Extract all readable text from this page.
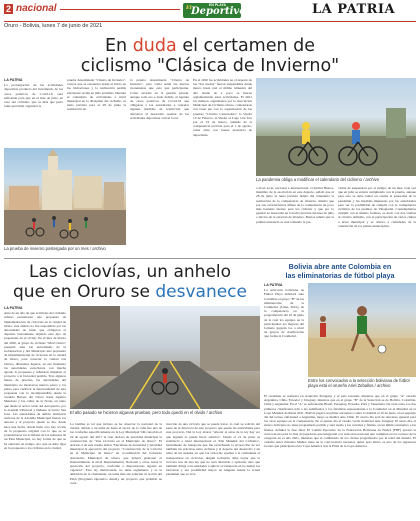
2 nacional	EN PLAYA
El Deportivo	LA PATRIA
Oruro - Bolivia, lunes 7 de junio de 2021
En duda el certamen de
ciclismo "Clásica de Invierno"
LA PATRIA

La prolongación de las actividades deportivas producto del incremento de los casos positivos de Covid-19, será suficiente para que en el mes de julio, en caso del ciclismo, que es más que justo tome previsión organizar la

prueba denominada "Clásica de Invierno", carrera que se encuentra desde el inicio en las invitaciones y la realización pedida efectuarse recién en julio próximo. Durante el calendario de actividades a nivel municipal en la disciplina del ciclismo, se tenía prevista para el 28 de junio la realización de

la prueba denominada "Clásica de Invierno", pero como serán las nuevas cuarentenas que esta que participarán. Como sucedió en la gestión pasada, aunque todo era a dado debido al repunte de casos positivos de Covid-19 que obligaron a las autoridades a cancelar algunas medidas de restricción que afectaron al desarrollo normal de las actividades deportivas a nivel local.

En el 2020 las actividades en el deporte de las "dos ruedas" fueron suspendidas desde marzo hasta casi el último trimestre del año donde de a poco se fueron reglamentando estas actividades. El 2021 los tiempos organizados por la Asociación Municipal de Ciclismo Oruro, comenzaron con buen pie con la organización de las pruebas "Circuito Carnavalero" la Vuelta 10 de Febrero, la Vuelta al Lago Uru Uru por el 23 de marzo, además de la competencia prevista para el 1 de agosto, todas ellas con buena presencia de deportistas

La prueba de invierno postergada por un mes / archivo
La pandemia obliga a modificar el calendario del ciclismo / archivo

a nivel local, nacional e internacional. Cristóbal Bustos, miembro de la asociación en este deporte, señaló que el 28 de junio se tenía previsto dentro del calendario la realización de la competencia de invierno, misma que por sus características difiere de la competencia un poco más bastante fuertes para los ciclistas y que por lo general se desarrolla en la fecha prevista del mes de julio o inicios de la estación de invierno. Bustos señaló que la primera instancia se está tomando la pre-

visión de suspensión por el tiempo de un mes, toda vez que en julio se estaría cumpliendo con la prueba, aunque para esto se debe tomar en cuenta el panorama de la pandemia y las medidas impuestas por las autoridades para ver la posibilidad de cumplir con la competencia ciclística de los premios de Vinagradel. Contemplamos cumplir con el mismo formato, es decir con dos vueltas al circuito definido, con la participación de varios clubes a nivel municipal y se obtuvo a cantidades de la orientación de los planes municipales.

Las ciclovías, un anhelo
que en Oruro se desvanece
LA PATRIA

Ante de un año de que activistas del ciclismo urbano presentaran una propuesta de implementación de ciclovías en la ciudad de Oruro, este anhelo no fue respondido por las autoridades de turno que obligaron el depósito nuevamente dejando este tipo de propuestas en el olvido. En el mes de marzo del 2020, el grupo de ciclistas "Movi Oruro" presentó ante las autoridades de la Gobernación y del Municipio una propuesta de implementación de ciclovías en la ciudad de Oruro, para conectar la ciudad con barrios, diferentes lugares, en ese momento las autoridades escucharon con mucha agrado la propuesta y señalaron impulsar el proyecto a la brevedad posible. Tras algunos meses de pruebas, las autoridades del municipio no mostraron nuevos pasos y los piloto para verificar la funcionalidad de esta propuesta con la incomprensible desde la avenida Héroes del Chaco hasta Aguirre Mendoza y las calles de la Norte, en tanto que desde el sector tardo del Aeropuerto, por la avenida Villarroel y Dehene al barrio San José. Las autoridades de ambas instancias tuvieron de la Alcaldía Municipal fueron los autores y al proyecto quedó se dio, desde hace una fecha, donde hubo otro hay acción de la propuesta original con lo que se se pronunciaron los activistas de los intereses de un Plan Municipal, no hay forma de que se ha enterado en tiempo otro que se debe ligar en la propuesta a los ciclistas en la ciudad.

El alto pasado se hicieron algunas pruebas, pero todo quedó en el olvido / archivo

La lástima es tal que incluso se ha observar la nacional de la ciudad, debido a un tema de hasta el sector de la calle fue una de las conforme específicamente en la Ley Municipal 549 conocida el 24 de agosto del 2017 la cual declara de prioridad municipal la construcción de "Una Ciclovía en el Municipio de Oruro". El artículo 2 de esta norma indica "Declárese de necesidad y prioridad municipal la ejecución del proyecto "Construcción de la Ciclovía en el Municipio de Oruro" en coordinación del Gobierno Autónomo Municipal de Oruro, que deberá gestionar el financiamiento al nivel Departamental, Nacional y otras, hasta la ejecución del proyecto, conforme a disposiciones legales en vigencia". Esta ley mencionada, no tiene reglamento y es la ambición de la ciudadanía, un tema mas sin solución ni acción del POA (Programa Operativo Anual), un proyecto que prohibió su cons-

trucción de una ciclovía que se pueda tratar, lo cual se solicitó del parte de la directora de este proyecto que pueda las autoridades para este proyecto. Del la Ley aborre "Ahorar el estas de la ley hay ver que alguien lo pueda hacer anterior". Desde el 21 de junio se estableció a nivel internacional el "Día Mundial del Ciclismo", instrumento de transporte que fue escuchando la proyección de ver también las prácticas entre ciclistas y el deporte del desarrollo y un tema de un sistema en que las ciclovías ayudan a la ciudadanía al transportarse en ciclovías, ningún Gobierno debe lograr que la ciclovía nos da una ley que no será discutido o aplicada, sino que también obliga a las entidades a aplicar el transporte en la ciudad, las bicicletas y sea posibilidad mayor en ninguna mente la actual pandemia que se vive.

Bolivia abre ante Colombia en
las eliminatorias de fútbol playa
LA PATRIA

La selección boliviana de Fútbol Playa debutará ante Colombia el grupo "B" de las eliminatorias de la Conmebol (Lima, 2021), de la competencia en la programación del 10 de junio de la cual los equipos en la participantes los mejores del formato jugarán los a nivel de grupos de clasificación que forma la Conmebol.

Entre los convocados a la selección boliviana de fútbol playa está el orureño Ariel Zeballos / archivo

El certamen se realizará en Asunción Paraguay y el país Guaraní, mientras que en el grupo "A" estarán Argentina, Chile, Ecuador y Uruguay, mientras que en el grupo "B" de la Selección se de Bolivia, Colombia, Chile y Argentina. En el "A" se enfrentarán Brasil, Paraguay, Ecuador, Perú y Venezuela. De cada zona, los dos primeros clasificados irán a las semifinales y los finalistas representarán a la Conmebol en el Mundial en la Copa Mundial de Rusia 2021. Bolivia jugará su primer encuentro contra Colombia el 10 de junio, en el segundo día del torneo enfrentará a Argentina, luego se medirá ante Chile. El cuarto día será de descanso general para los otros equipos en la competencia. En el quinto día el cuadro verde rivalizará ante Uruguay. El sexto día, el elenco boliviano no tiene programado partido y será usado a las cerradas y finales, en un último encuentro a las finales, definirá la fase final. El Comité Ejecutivo de la Federación Boliviana de Fútbol (FBF) aprobó la convocatoria para la lista de jugadores que integrarán a la selección nacional que compiten en los torneos de la categoría en el año 2021, mientras que el combinado de los rivales programados por la edad del mundo. El orureño Ariel Zeballos Muñoz tiene en la convocatoria nacional, quien para Oruro es uno de los jugadores locales que participará en la Copa América tras la Final de la Copa América.
